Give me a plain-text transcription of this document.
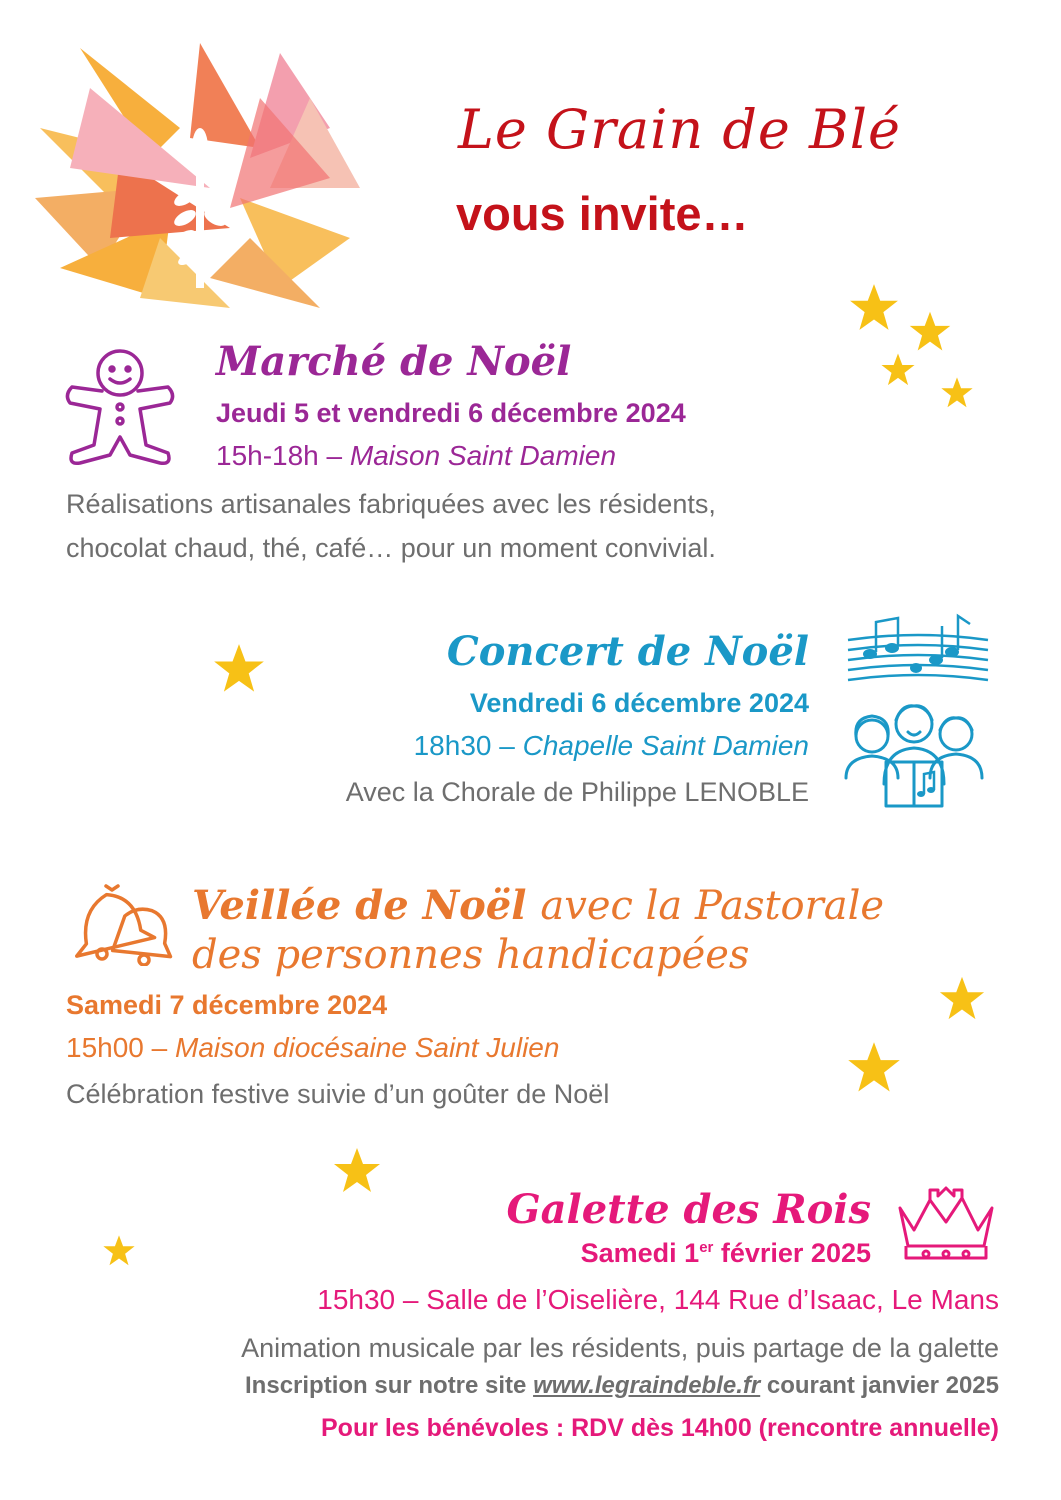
Le Grain de Blé
vous invite…
Marché de Noël
Jeudi 5 et vendredi 6 décembre 2024
15h-18h – Maison Saint Damien
Réalisations artisanales fabriquées avec les résidents,
chocolat chaud, thé, café… pour un moment convivial.
Concert de Noël
Vendredi 6 décembre 2024
18h30 – Chapelle Saint Damien
Avec la Chorale de Philippe LENOBLE
Veillée de Noël avec la Pastorale
des personnes handicapées
Samedi 7 décembre 2024
15h00 – Maison diocésaine Saint Julien
Célébration festive suivie d’un goûter de Noël
Galette des Rois
Samedi 1er février 2025
15h30 – Salle de l’Oiselière, 144 Rue d’Isaac, Le Mans
Animation musicale par les résidents, puis partage de la galette
Inscription sur notre site www.legraindeble.fr courant janvier 2025
Pour les bénévoles : RDV dès 14h00 (rencontre annuelle)
